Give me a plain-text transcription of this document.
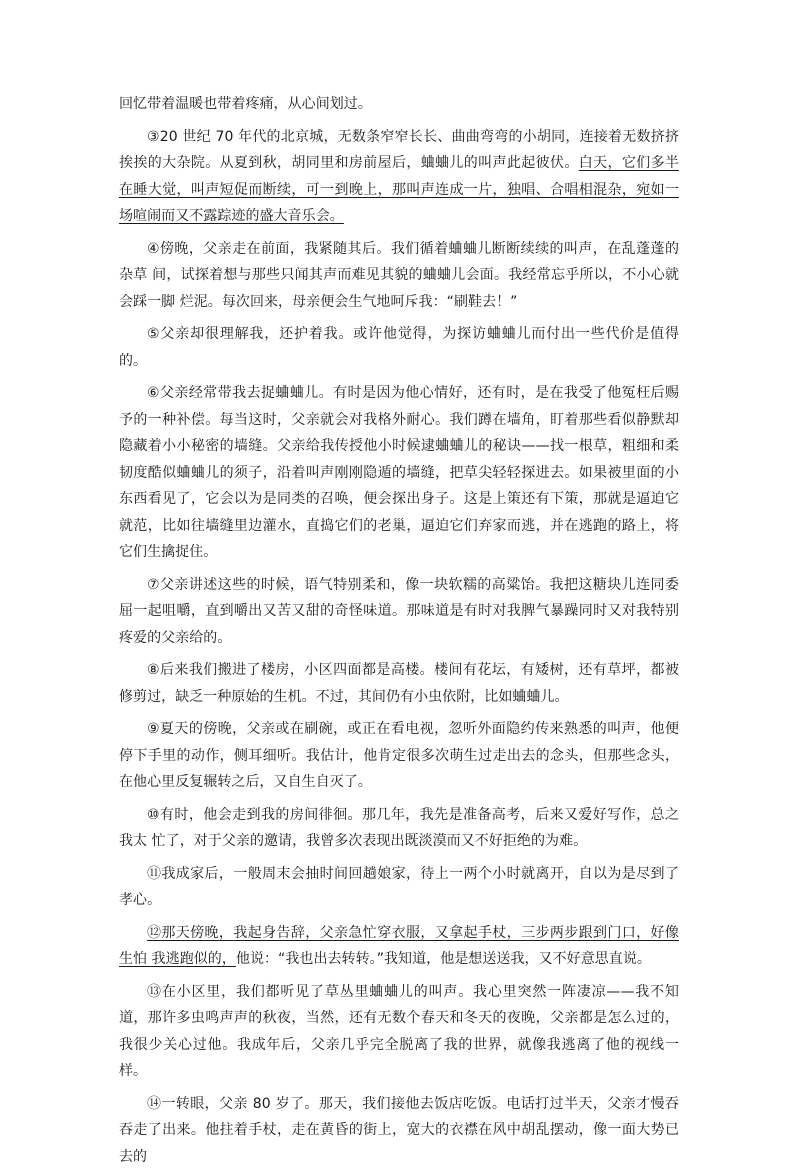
回忆带着温暖也带着疼痛，从心间划过。

③20 世纪 70 年代的北京城，无数条窄窄长长、曲曲弯弯的小胡同，连接着无数挤挤挨挨的大杂院。从夏到秋，胡同里和房前屋后，蛐蛐儿的叫声此起彼伏。白天，它们多半在睡大觉，叫声短促而断续，可一到晚上，那叫声连成一片，独唱、合唱相混杂，宛如一场喧闹而又不露踪迹的盛大音乐会。

④傍晚，父亲走在前面，我紧随其后。我们循着蛐蛐儿断断续续的叫声，在乱蓬蓬的杂草 间，试探着想与那些只闻其声而难见其貌的蛐蛐儿会面。我经常忘乎所以，不小心就会踩一脚 烂泥。每次回来，母亲便会生气地呵斥我：“刷鞋去！”

⑤父亲却很理解我，还护着我。或许他觉得，为探访蛐蛐儿而付出一些代价是值得的。

⑥父亲经常带我去捉蛐蛐儿。有时是因为他心情好，还有时，是在我受了他冤枉后赐予的一种补偿。每当这时，父亲就会对我格外耐心。我们蹲在墙角，盯着那些看似静默却隐藏着小小秘密的墙缝。父亲给我传授他小时候逮蛐蛐儿的秘诀——找一根草，粗细和柔韧度酷似蛐蛐儿的须子，沿着叫声刚刚隐遁的墙缝，把草尖轻轻探进去。如果被里面的小东西看见了，它会以为是同类的召唤，便会探出身子。这是上策还有下策，那就是逼迫它就范，比如往墙缝里边灌水，直捣它们的老巢，逼迫它们弃家而逃，并在逃跑的路上，将它们生擒捉住。

⑦父亲讲述这些的时候，语气特别柔和，像一块软糯的高粱饴。我把这糖块儿连同委屈一起咀嚼，直到嚼出又苦又甜的奇怪味道。那味道是有时对我脾气暴躁同时又对我特别疼爱的父亲给的。

⑧后来我们搬进了楼房，小区四面都是高楼。楼间有花坛，有矮树，还有草坪，都被修剪过，缺乏一种原始的生机。不过，其间仍有小虫依附，比如蛐蛐儿。

⑨夏天的傍晚，父亲或在刷碗，或正在看电视，忽听外面隐约传来熟悉的叫声，他便停下手里的动作，侧耳细听。我估计，他肯定很多次萌生过走出去的念头，但那些念头，在他心里反复辗转之后，又自生自灭了。

⑩有时，他会走到我的房间徘徊。那几年，我先是准备高考，后来又爱好写作，总之我太 忙了，对于父亲的邀请，我曾多次表现出既淡漠而又不好拒绝的为难。

⑪我成家后，一般周末会抽时间回趟娘家，待上一两个小时就离开，自以为是尽到了孝心。

⑫那天傍晚，我起身告辞，父亲急忙穿衣服，又拿起手杖，三步两步跟到门口，好像生怕 我逃跑似的，他说：“我也出去转转。”我知道，他是想送送我，又不好意思直说。

⑬在小区里，我们都听见了草丛里蛐蛐儿的叫声。我心里突然一阵凄凉——我不知道，那许多虫鸣声声的秋夜，当然，还有无数个春天和冬天的夜晚，父亲都是怎么过的，我很少关心过他。我成年后，父亲几乎完全脱离了我的世界，就像我逃离了他的视线一样。

⑭一转眼，父亲 80 岁了。那天，我们接他去饭店吃饭。电话打过半天，父亲才慢吞吞走了出来。他拄着手杖，走在黄昏的街上，宽大的衣襟在风中胡乱摆动，像一面大势已去的
